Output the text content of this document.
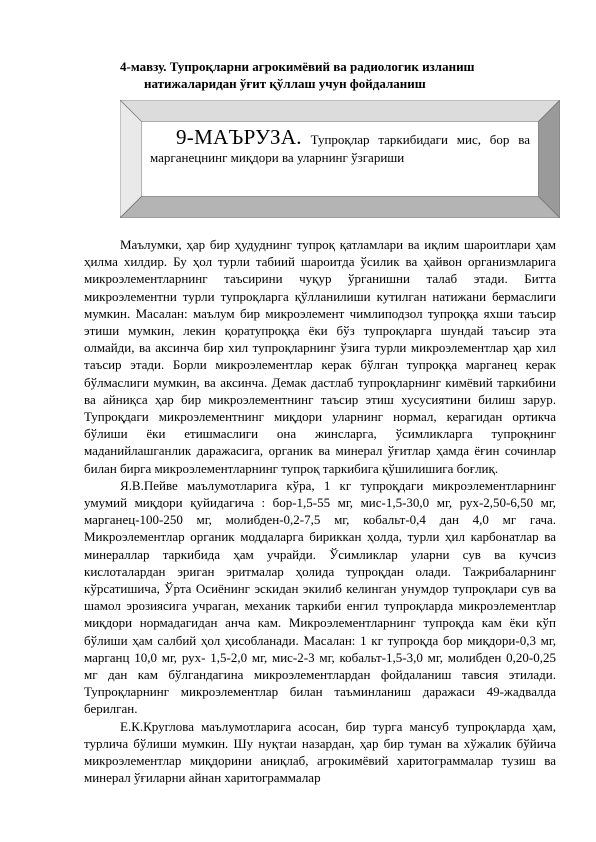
4-мавзу. Тупроқларни агрокимёвий ва радиологик изланиш
натижаларидан ўғит қўллаш учун фойдаланиш
9-МАЪРУЗА. Тупроқлар таркибидаги мис, бор ва марганецнинг миқдори ва уларнинг ўзгариши

Маълумки, ҳар бир ҳудуднинг тупроқ қатламлари ва иқлим шароитлари ҳам ҳилма хилдир. Бу ҳол турли табиий шароитда ўсилик ва ҳайвон организмларига микроэлементларнинг таъсирини чуқур ўрганишни талаб этади. Битта микроэлементни турли тупроқларга қўлланилиши кутилган натижани бермаслиги мумкин. Масалан: маълум бир микроэлемент чимлиподзол тупроққа яхши таъсир этиши мумкин, лекин қоратупроққа ёки бўз тупроқларга шундай таъсир эта олмайди, ва аксинча бир хил тупроқларнинг ўзига турли микроэлементлар ҳар хил таъсир этади. Борли микроэлементлар керак бўлган тупроққа марганец керак бўлмаслиги мумкин, ва аксинча. Демак дастлаб тупроқларнинг кимёвий таркибини ва айниқса ҳар бир микроэлементнинг таъсир этиш хусусиятини билиш зарур. Тупроқдаги микроэлементнинг миқдори уларнинг нормал, керагидан ортикча бўлиши ёки етишмаслиги она жинсларга, ўсимликларга тупроқнинг маданийлашганлик даражасига, органик ва минерал ўғитлар ҳамда ёғин сочинлар билан бирга микроэлементларнинг тупроқ таркибига қўшилишига боғлиқ.

Я.В.Пейве маълумотларига кўра, 1 кг тупроқдаги микроэлементларнинг умумий миқдори қуйидагича : бор-1,5-55 мг, мис-1,5-30,0 мг, рух-2,50-6,50 мг, марганец-100-250 мг, молибден-0,2-7,5 мг, кобальт-0,4 дан 4,0 мг гача. Микроэлементлар органик моддаларга бириккан ҳолда, турли ҳил карбонатлар ва минераллар таркибида ҳам учрайди. Ўсимликлар уларни сув ва кучсиз кислоталардан эриган эритмалар ҳолида тупроқдан олади. Тажрибаларнинг кўрсатишича, Ўрта Осиёнинг эскидан экилиб келинган унумдор тупроқлари сув ва шамол эрозиясига учраган, механик таркиби енгил тупроқларда микроэлементлар миқдори нормадагидан анча кам. Микроэлементларнинг тупроқда кам ёки кўп бўлиши ҳам салбий ҳол ҳисобланади. Масалан: 1 кг тупроқда бор миқдори-0,3 мг, марганц 10,0 мг, рух- 1,5-2,0 мг, мис-2-3 мг, кобальт-1,5-3,0 мг, молибден 0,20-0,25 мг дан кам бўлгандагина микроэлементлардан фойдаланиш тавсия этилади. Тупроқларнинг микроэлементлар билан таъминланиш даражаси 49-жадвалда берилган.

Е.К.Круглова маълумотларига асосан, бир турга мансуб тупроқларда ҳам, турлича бўлиши мумкин. Шу нуқтаи назардан, ҳар бир туман ва хўжалик бўйича микроэлементлар миқдорини аниқлаб, агрокимёвий харитограммалар тузиш ва минерал ўғиларни айнан харитограммалар
